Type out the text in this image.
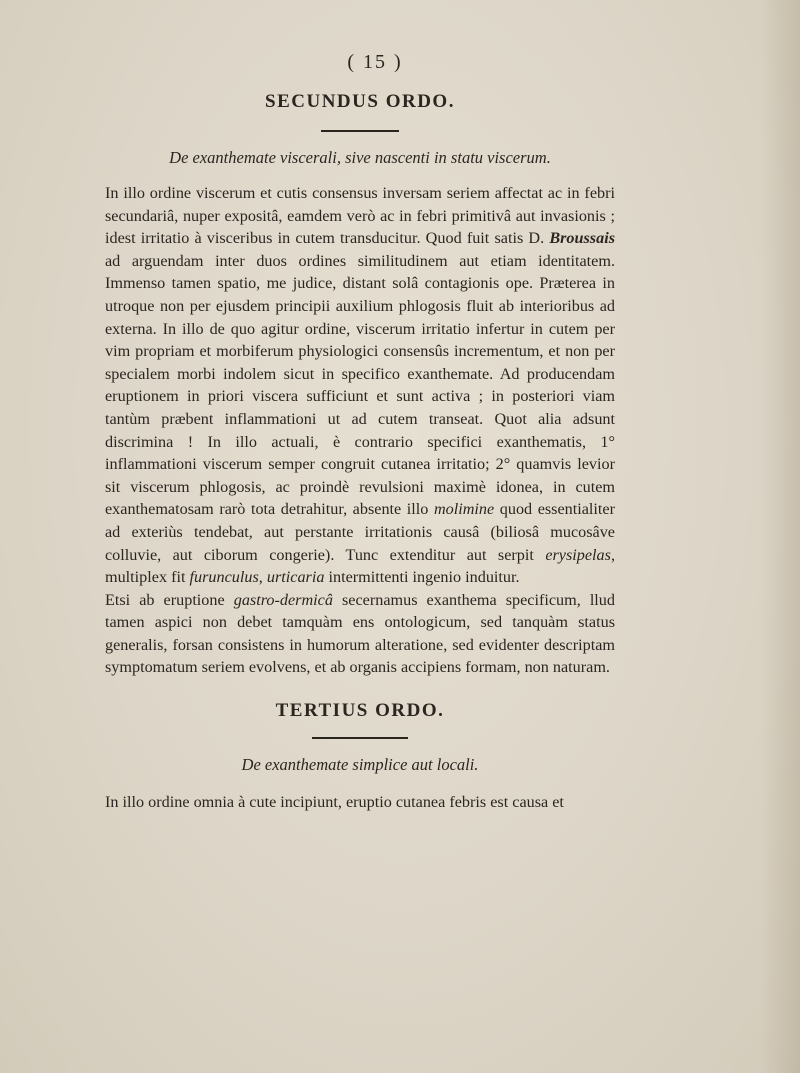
( 15 )
SECUNDUS ORDO.
De exanthemate viscerali, sive nascenti in statu viscerum.

In illo ordine viscerum et cutis consensus inversam seriem affectat ac in febri secundariâ, nuper expositâ, eamdem verò ac in febri primitivâ aut invasionis ; idest irritatio à visceribus in cutem transducitur. Quod fuit satis D. Broussais ad arguendam inter duos ordines similitudinem aut etiam identitatem. Immenso tamen spatio, me judice, distant solâ contagionis ope. Præterea in utroque non per ejusdem principii auxilium phlogosis fluit ab interioribus ad externa. In illo de quo agitur ordine, viscerum irritatio infertur in cutem per vim propriam et morbiferum physiologici consensûs incrementum, et non per specialem morbi indolem sicut in specifico exanthemate. Ad producendam eruptionem in priori viscera sufficiunt et sunt activa ; in posteriori viam tantùm præbent inflammationi ut ad cutem transeat. Quot alia adsunt discrimina ! In illo actuali, è contrario specifici exanthematis, 1° inflammationi viscerum semper congruit cutanea irritatio; 2° quamvis levior sit viscerum phlogosis, ac proindè revulsioni maximè idonea, in cutem exanthematosam rarò tota detrahitur, absente illo molimine quod essentialiter ad exteriùs tendebat, aut perstante irritationis causâ (biliosâ mucosâve colluvie, aut ciborum congerie). Tunc extenditur aut serpit erysipelas, multiplex fit furunculus, urticaria intermittenti ingenio induitur.

Etsi ab eruptione gastro-dermicâ secernamus exanthema specificum, llud tamen aspici non debet tamquàm ens ontologicum, sed tanquàm status generalis, forsan consistens in humorum alteratione, sed evidenter descriptam symptomatum seriem evolvens, et ab organis accipiens formam, non naturam.

TERTIUS ORDO.
De exanthemate simplice aut locali.

In illo ordine omnia à cute incipiunt, eruptio cutanea febris est causa et
